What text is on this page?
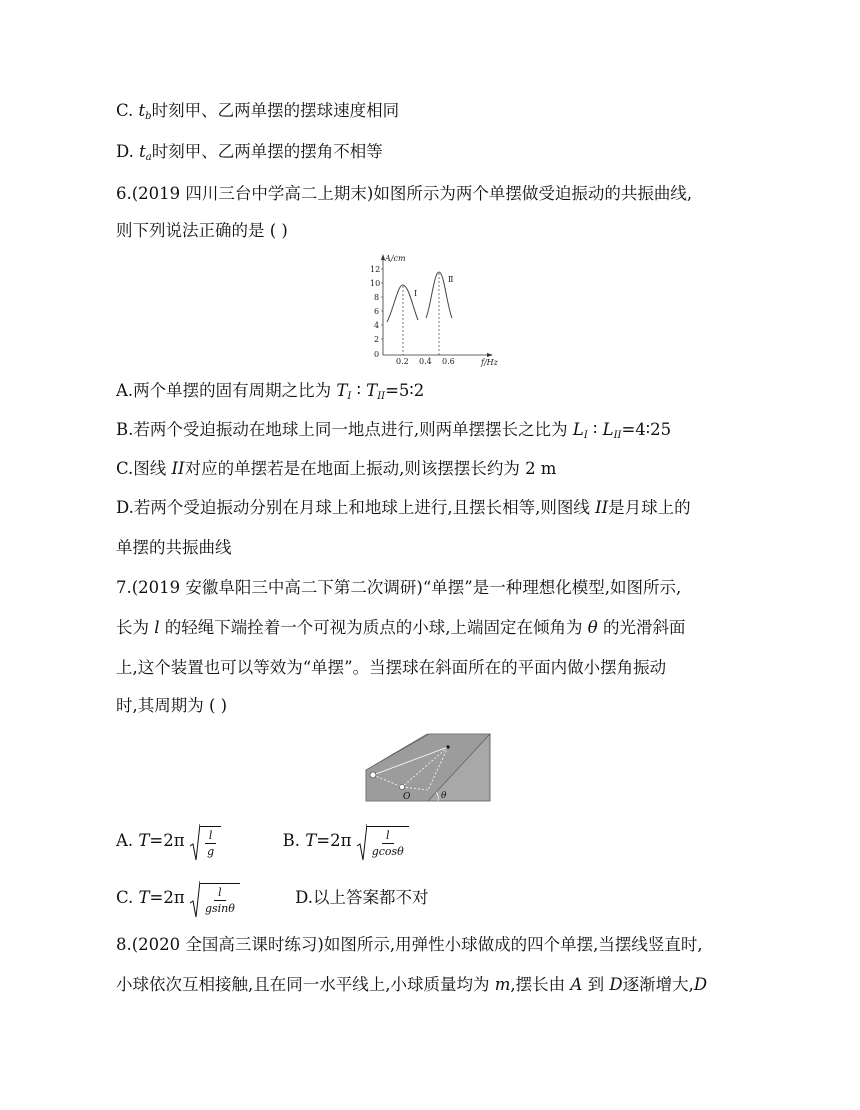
C. $t_b$时刻甲、乙两单摆的摆球速度相同
D. $t_a$时刻甲、乙两单摆的摆角不相等
6.(2019 四川三台中学高二上期末)如图所示为两个单摆做受迫振动的共振曲线,
则下列说法正确的是 ( )
A/cm
f/Hz
12
10
8
6
4
2
0
0.2 0.4 0.6
I
Ⅱ
A.两个单摆的固有周期之比为 $T_I$ ∶ $T_{II}=5∶2$
B.若两个受迫振动在地球上同一地点进行,则两单摆摆长之比为 $L_I$ ∶ $L_{II}=4∶25$
C.图线 II对应的单摆若是在地面上振动,则该摆摆长约为 2 m
D.若两个受迫振动分别在月球上和地球上进行,且摆长相等,则图线 II是月球上的
单摆的共振曲线
7.(2019 安徽阜阳三中高二下第二次调研)“单摆”是一种理想化模型,如图所示,
长为 l 的轻绳下端拴着一个可视为质点的小球,上端固定在倾角为 θ 的光滑斜面
上,这个装置也可以等效为“单摆”。当摆球在斜面所在的平面内做小摆角振动
时,其周期为 ( )
O	θ
A. $T=2\pi \frac{l}{g}$	B. $T=2\pi \frac{l}{gcos\theta}$
C. $T=2\pi \frac{l}{gsin\theta}$	D.以上答案都不对
8.(2020 全国高三课时练习)如图所示,用弹性小球做成的四个单摆,当摆线竖直时,
小球依次互相接触,且在同一水平线上,小球质量均为 m,摆长由 A 到 D逐渐增大,D
